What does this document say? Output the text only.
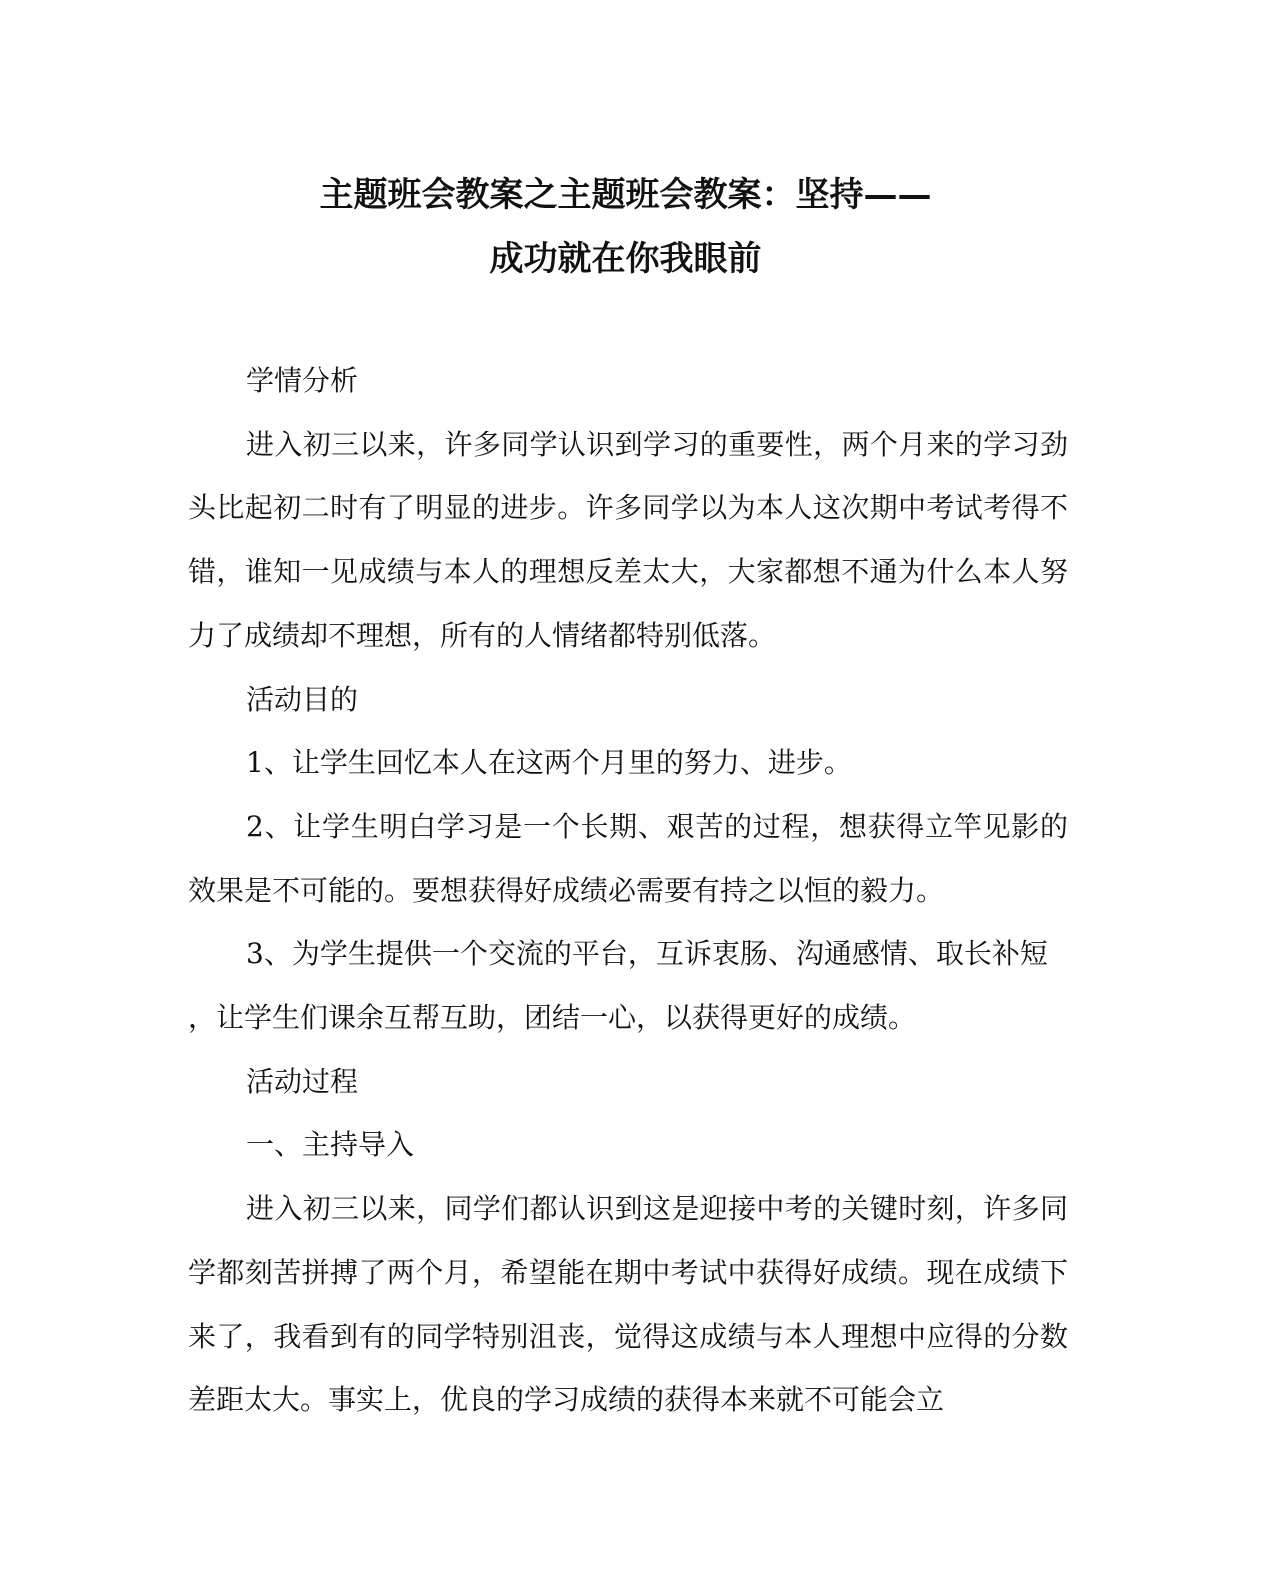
主题班会教案之主题班会教案：坚持——
成功就在你我眼前

学情分析

进入初三以来，许多同学认识到学习的重要性，两个月来的学习劲头比起初二时有了明显的进步。许多同学以为本人这次期中考试考得不错，谁知一见成绩与本人的理想反差太大，大家都想不通为什么本人努力了成绩却不理想，所有的人情绪都特别低落。

活动目的

1、让学生回忆本人在这两个月里的努力、进步。

2、让学生明白学习是一个长期、艰苦的过程，想获得立竿见影的效果是不可能的。要想获得好成绩必需要有持之以恒的毅力。

3、为学生提供一个交流的平台，互诉衷肠、沟通感情、取长补短

，让学生们课余互帮互助，团结一心，以获得更好的成绩。

活动过程

一、主持导入

进入初三以来，同学们都认识到这是迎接中考的关键时刻，许多同学都刻苦拼搏了两个月，希望能在期中考试中获得好成绩。现在成绩下来了，我看到有的同学特别沮丧，觉得这成绩与本人理想中应得的分数差距太大。事实上，优良的学习成绩的获得本来就不可能会立
